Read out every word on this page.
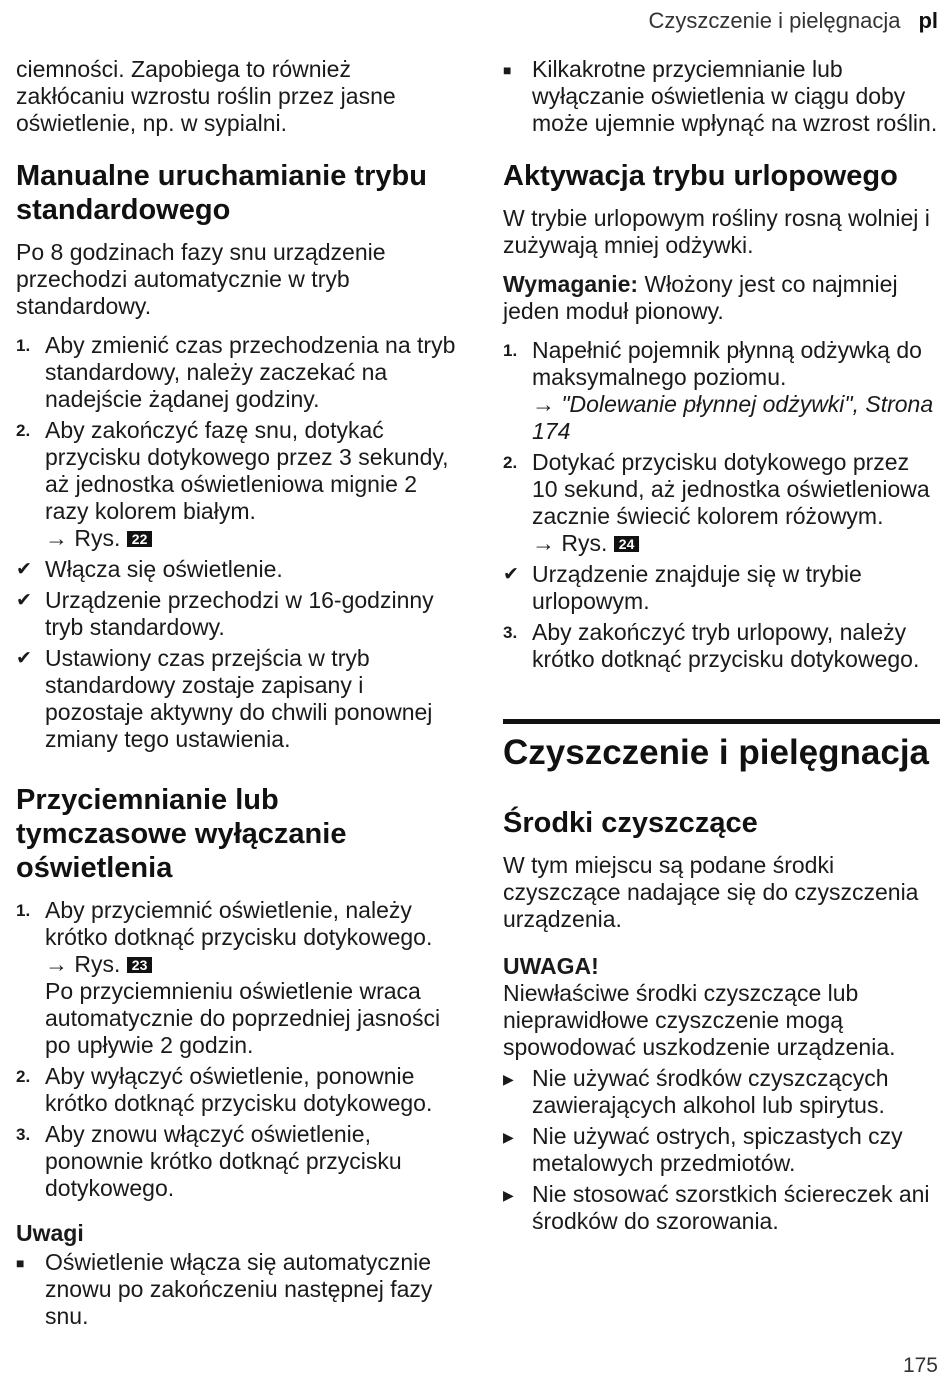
Czyszczenie i pielęgnacja pl

ciemności. Zapobiega to również zakłócaniu wzrostu roślin przez jasne oświetlenie, np. w sypialni.

Manualne uruchamianie trybu standardowego

Po 8 godzinach fazy snu urządzenie przechodzi automatycznie w tryb standardowy.

1. Aby zmienić czas przechodzenia na tryb standardowy, należy zaczekać na nadejście żądanej godziny.
2. Aby zakończyć fazę snu, dotykać przycisku dotykowego przez 3 sekundy, aż jednostka oświetleniowa mignie 2 razy kolorem białym.
→ Rys. 22
✔ Włącza się oświetlenie.
✔ Urządzenie przechodzi w 16-godzinny tryb standardowy.
✔ Ustawiony czas przejścia w tryb standardowy zostaje zapisany i pozostaje aktywny do chwili ponownej zmiany tego ustawienia.
Przyciemnianie lub tymczasowe wyłączanie oświetlenia
1. Aby przyciemnić oświetlenie, należy krótko dotknąć przycisku dotykowego.
→ Rys. 23
Po przyciemnieniu oświetlenie wraca automatycznie do poprzedniej jasności po upływie 2 godzin.
2. Aby wyłączyć oświetlenie, ponownie krótko dotknąć przycisku dotykowego.
3. Aby znowu włączyć oświetlenie, ponownie krótko dotknąć przycisku dotykowego.
Uwagi
■ Oświetlenie włącza się automatycznie znowu po zakończeniu następnej fazy snu.
■ Kilkakrotne przyciemnianie lub wyłączanie oświetlenia w ciągu doby może ujemnie wpłynąć na wzrost roślin.
Aktywacja trybu urlopowego

W trybie urlopowym rośliny rosną wolniej i zużywają mniej odżywki.

Wymaganie: Włożony jest co najmniej jeden moduł pionowy.

1. Napełnić pojemnik płynną odżywką do maksymalnego poziomu.
→ "Dolewanie płynnej odżywki", Strona 174
2. Dotykać przycisku dotykowego przez 10 sekund, aż jednostka oświetleniowa zacznie świecić kolorem różowym.
→ Rys. 24
✔ Urządzenie znajduje się w trybie urlopowym.
3. Aby zakończyć tryb urlopowy, należy krótko dotknąć przycisku dotykowego.
Czyszczenie i pielęgnacja
Środki czyszczące

W tym miejscu są podane środki czyszczące nadające się do czyszczenia urządzenia.

UWAGA!

Niewłaściwe środki czyszczące lub nieprawidłowe czyszczenie mogą spowodować uszkodzenie urządzenia.

▶ Nie używać środków czyszczących zawierających alkohol lub spirytus.
▶ Nie używać ostrych, spiczastych czy metalowych przedmiotów.
▶ Nie stosować szorstkich ściereczek ani środków do szorowania.
175
